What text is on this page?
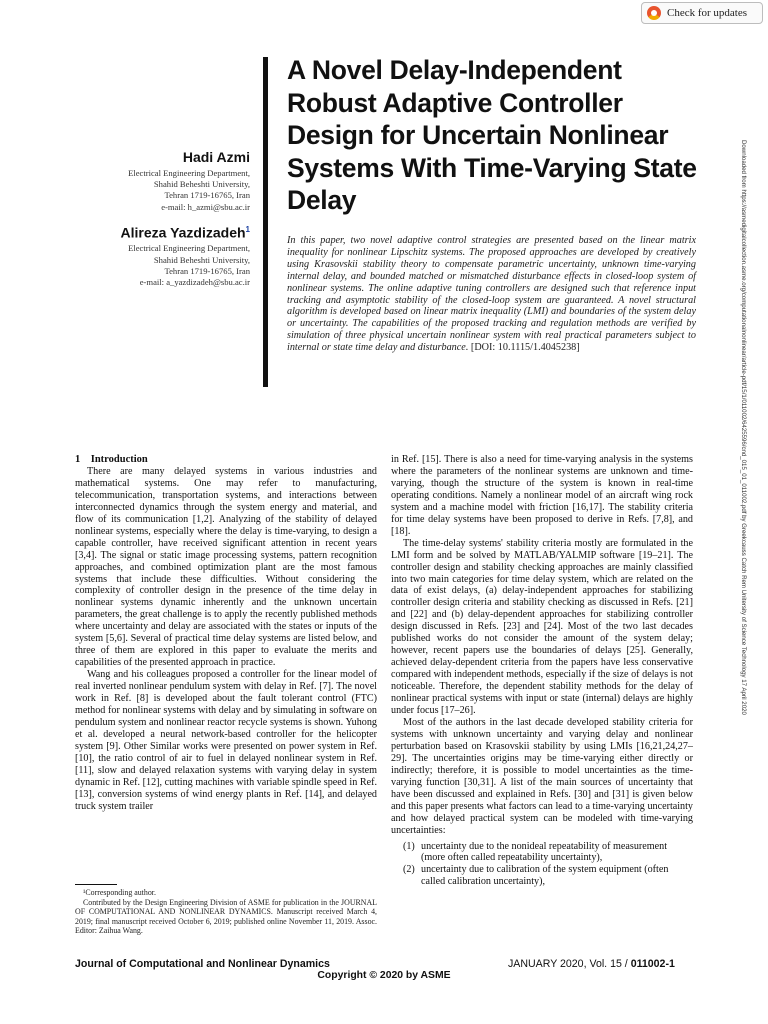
Check for updates
Hadi Azmi
Electrical Engineering Department,
Shahid Beheshti University,
Tehran 1719-16765, Iran
e-mail: h_azmi@sbu.ac.ir
Alireza Yazdizadeh$^1$
Electrical Engineering Department,
Shahid Beheshti University,
Tehran 1719-16765, Iran
e-mail: a_yazdizadeh@sbu.ac.ir
A Novel Delay-Independent Robust Adaptive Controller Design for Uncertain Nonlinear Systems With Time-Varying State Delay
In this paper, two novel adaptive control strategies are presented based on the linear matrix inequality for nonlinear Lipschitz systems. The proposed approaches are developed by creatively using Krasovskii stability theory to compensate parametric uncertainty, unknown time-varying internal delay, and bounded matched or mismatched disturbance effects in closed-loop system of nonlinear systems. The online adaptive tuning controllers are designed such that reference input tracking and asymptotic stability of the closed-loop system are guaranteed. A novel structural algorithm is developed based on linear matrix inequality (LMI) and boundaries of the system delay or uncertainty. The capabilities of the proposed tracking and regulation methods are verified by simulation of three physical uncertain nonlinear system with real practical parameters subject to internal or state time delay and disturbance. [DOI: 10.1115/1.4045238]	Downloaded from https://asmedigitalcollection.asme.org/computationalnonlinear/article-pdf/15/1/011002/6425596/cnd_015_01_011002.pdf by Greekcauss Catch Rem Unitersity of Science Technology 17 April 2020

1 Introduction

There are many delayed systems in various industries and mathematical systems. One may refer to manufacturing, telecommunication, transportation systems, and interactions between interconnected dynamics through the system energy and material, and flow of its communication [1,2]. Analyzing of the stability of delayed nonlinear systems, especially where the delay is time-varying, to design a capable controller, have received significant attention in recent years [3,4]. The signal or static image processing systems, pattern recognition approaches, and combined optimization plant are the most famous systems that include these difficulties. Without considering the complexity of controller design in the presence of the time delay in nonlinear systems dynamic inherently and the unknown uncertain parameters, the great challenge is to apply the recently published methods where uncertainty and delay are associated with the states or inputs of the system [5,6]. Several of practical time delay systems are listed below, and three of them are explored in this paper to evaluate the merits and capabilities of the presented approach in practice.

Wang and his colleagues proposed a controller for the linear model of real inverted nonlinear pendulum system with delay in Ref. [7]. The novel work in Ref. [8] is developed about the fault tolerant control (FTC) method for nonlinear systems with delay and by simulating in software on pendulum system and nonlinear reactor recycle systems is shown. Yuhong et al. developed a neural network-based controller for the helicopter system [9]. Other Similar works were presented on power system in Ref. [10], the ratio control of air to fuel in delayed nonlinear system in Ref. [11], slow and delayed relaxation systems with varying delay in system dynamic in Ref. [12], cutting machines with variable spindle speed in Ref. [13], conversion systems of wind energy plants in Ref. [14], and delayed truck system trailer

in Ref. [15]. There is also a need for time-varying analysis in the systems where the parameters of the nonlinear systems are unknown and time-varying, though the structure of the system is known in real-time operating conditions. Namely a nonlinear model of an aircraft wing rock system and a machine model with friction [16,17]. The stability criteria for time delay systems have been proposed to derive in Refs. [7,8], and [18].

The time-delay systems' stability criteria mostly are formulated in the LMI form and be solved by MATLAB/YALMIP software [19–21]. The controller design and stability checking approaches are mainly classified into two main categories for time delay system, which are related on the data of exist delays, (a) delay-independent approaches for stabilizing controller design criteria and stability checking as discussed in Refs. [21] and [22] and (b) delay-dependent approaches for stabilizing controller design discussed in Refs. [23] and [24]. Most of the two last decades published works do not consider the amount of the system delay; however, recent papers use the boundaries of delays [25]. Generally, achieved delay-dependent criteria from the papers have less conservative compared with independent methods, especially if the size of delays is not noticeable. Therefore, the dependent stability methods for the delay of nonlinear practical systems with input or state (internal) delays are highly under focus [17–26].

Most of the authors in the last decade developed stability criteria for systems with unknown uncertainty and varying delay and nonlinear perturbation based on Krasovskii stability by using LMIs [16,21,24,27–29]. The uncertainties origins may be time-varying either directly or indirectly; therefore, it is possible to model uncertainties as the time-varying function [30,31]. A list of the main sources of uncertainty that have been discussed and explained in Refs. [30] and [31] is given below and this paper presents what factors can lead to a time-varying uncertainty and how delayed practical system can be modeled with time-varying uncertainties:

(1) uncertainty due to the nonideal repeatability of measurement (more often called repeatability uncertainty),
(2) uncertainty due to calibration of the system equipment (often called calibration uncertainty),

¹Corresponding author.

Contributed by the Design Engineering Division of ASME for publication in the JOURNAL OF COMPUTATIONAL AND NONLINEAR DYNAMICS. Manuscript received March 4, 2019; final manuscript received October 6, 2019; published online November 11, 2019. Assoc. Editor: Zaihua Wang.

Journal of Computational and Nonlinear Dynamics	JANUARY 2020, Vol. 15 / 011002-1
Copyright © 2020 by ASME
